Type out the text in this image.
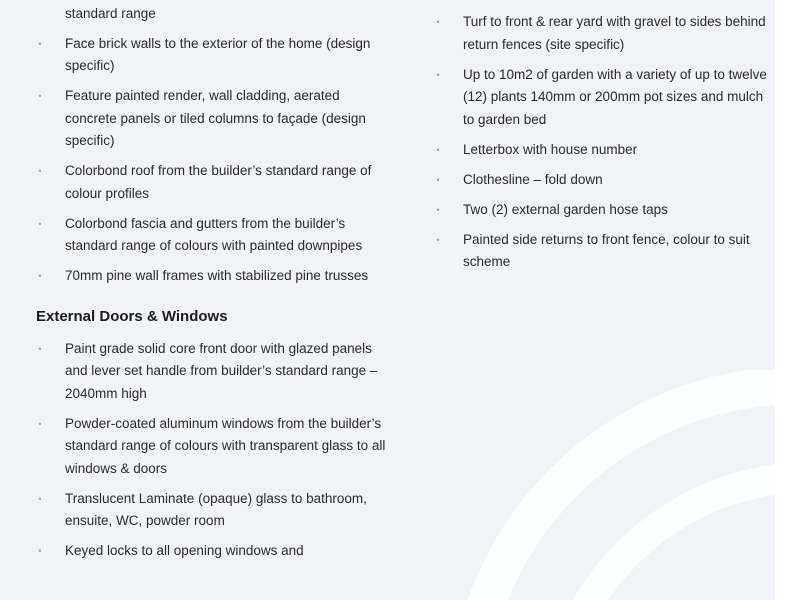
standard range
• Face brick walls to the exterior of the home (design specific)
• Feature painted render, wall cladding, aerated concrete panels or tiled columns to façade (design specific)
• Colorbond roof from the builder’s standard range of colour profiles
• Colorbond fascia and gutters from the builder’s standard range of colours with painted downpipes
• 70mm pine wall frames with stabilized pine trusses
External Doors & Windows
• Paint grade solid core front door with glazed panels and lever set handle from builder’s standard range – 2040mm high
• Powder-coated aluminum windows from the builder’s standard range of colours with transparent glass to all windows & doors
• Translucent Laminate (opaque) glass to bathroom, ensuite, WC, powder room
• Keyed locks to all opening windows and
• Turf to front & rear yard with gravel to sides behind return fences (site specific)
• Up to 10m2 of garden with a variety of up to twelve (12) plants 140mm or 200mm pot sizes and mulch to garden bed
• Letterbox with house number
• Clothesline – fold down
• Two (2) external garden hose taps
• Painted side returns to front fence, colour to suit scheme
